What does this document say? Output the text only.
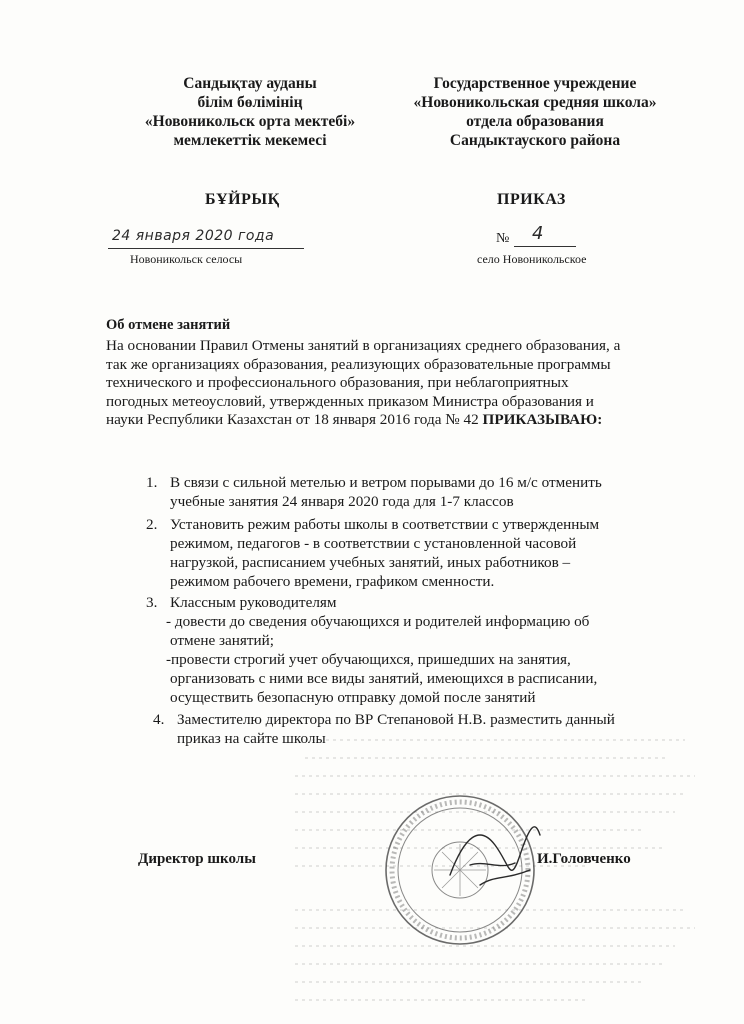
Сандықтау ауданы
білім бөлімінің
«Новоникольск орта мектебі»
мемлекеттік мекемесі
Государственное учреждение
«Новоникольская средняя школа»
отдела образования
Сандыктауского района
БҰЙРЫҚ	ПРИКАЗ
24 января 2020 года	№ 4
Новоникольск селосы	село Новоникольское
Об отмене занятий
На основании Правил Отмены занятий в организациях среднего образования, а
так же организациях образования, реализующих образовательные программы
технического и профессионального образования, при неблагоприятных
погодных метеоусловий, утвержденных приказом Министра образования и
науки Республики Казахстан от 18 января 2016 года № 42 ПРИКАЗЫВАЮ:
1. В связи с сильной метелью и ветром порывами до 16 м/с отменить
учебные занятия 24 января 2020 года для 1-7 классов
2. Установить режим работы школы в соответствии с утвержденным
режимом, педагогов - в соответствии с установленной часовой
нагрузкой, расписанием учебных занятий, иных работников –
режимом рабочего времени, графиком сменности.
3. Классным руководителям
- довести до сведения обучающихся и родителей информацию об
отмене занятий;
-провести строгий учет обучающихся, пришедших на занятия,
организовать с ними все виды занятий, имеющихся в расписании,
осуществить безопасную отправку домой после занятий
4. Заместителю директора по ВР Степановой Н.В. разместить данный
приказ на сайте школы
Директор школы	И.Головченко
